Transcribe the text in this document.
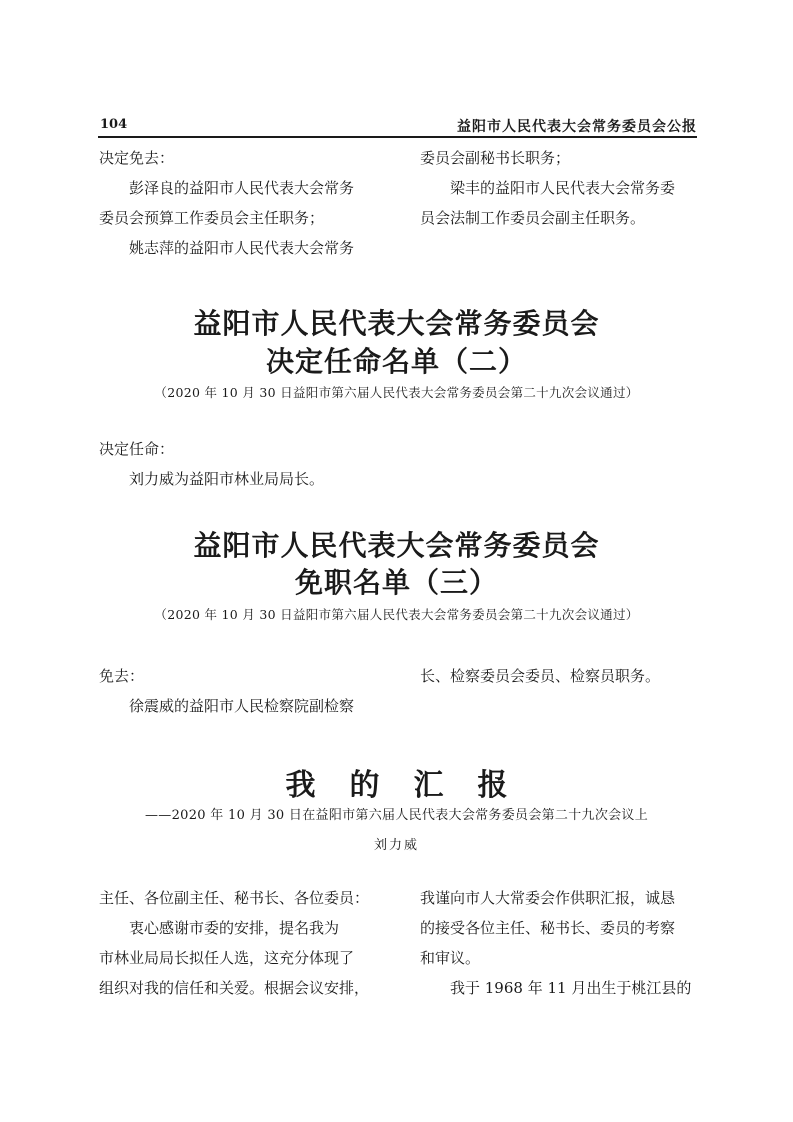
104	益阳市人民代表大会常务委员会公报

决定免去：

彭泽良的益阳市人民代表大会常务

委员会预算工作委员会主任职务；

姚志萍的益阳市人民代表大会常务

委员会副秘书长职务；

梁丰的益阳市人民代表大会常务委

员会法制工作委员会副主任职务。

益阳市人民代表大会常务委员会
决定任命名单（二）
（2020 年 10 月 30 日益阳市第六届人民代表大会常务委员会第二十九次会议通过）

决定任命：

刘力威为益阳市林业局局长。

益阳市人民代表大会常务委员会
免职名单（三）
（2020 年 10 月 30 日益阳市第六届人民代表大会常务委员会第二十九次会议通过）

免去：

徐震威的益阳市人民检察院副检察

长、检察委员会委员、检察员职务。

我的汇报
——2020 年 10 月 30 日在益阳市第六届人民代表大会常务委员会第二十九次会议上
刘力威

主任、各位副主任、秘书长、各位委员：

衷心感谢市委的安排，提名我为

市林业局局长拟任人选，这充分体现了

组织对我的信任和关爱。根据会议安排，

我谨向市人大常委会作供职汇报，诚恳

的接受各位主任、秘书长、委员的考察

和审议。

我于 1968 年 11 月出生于桃江县的
